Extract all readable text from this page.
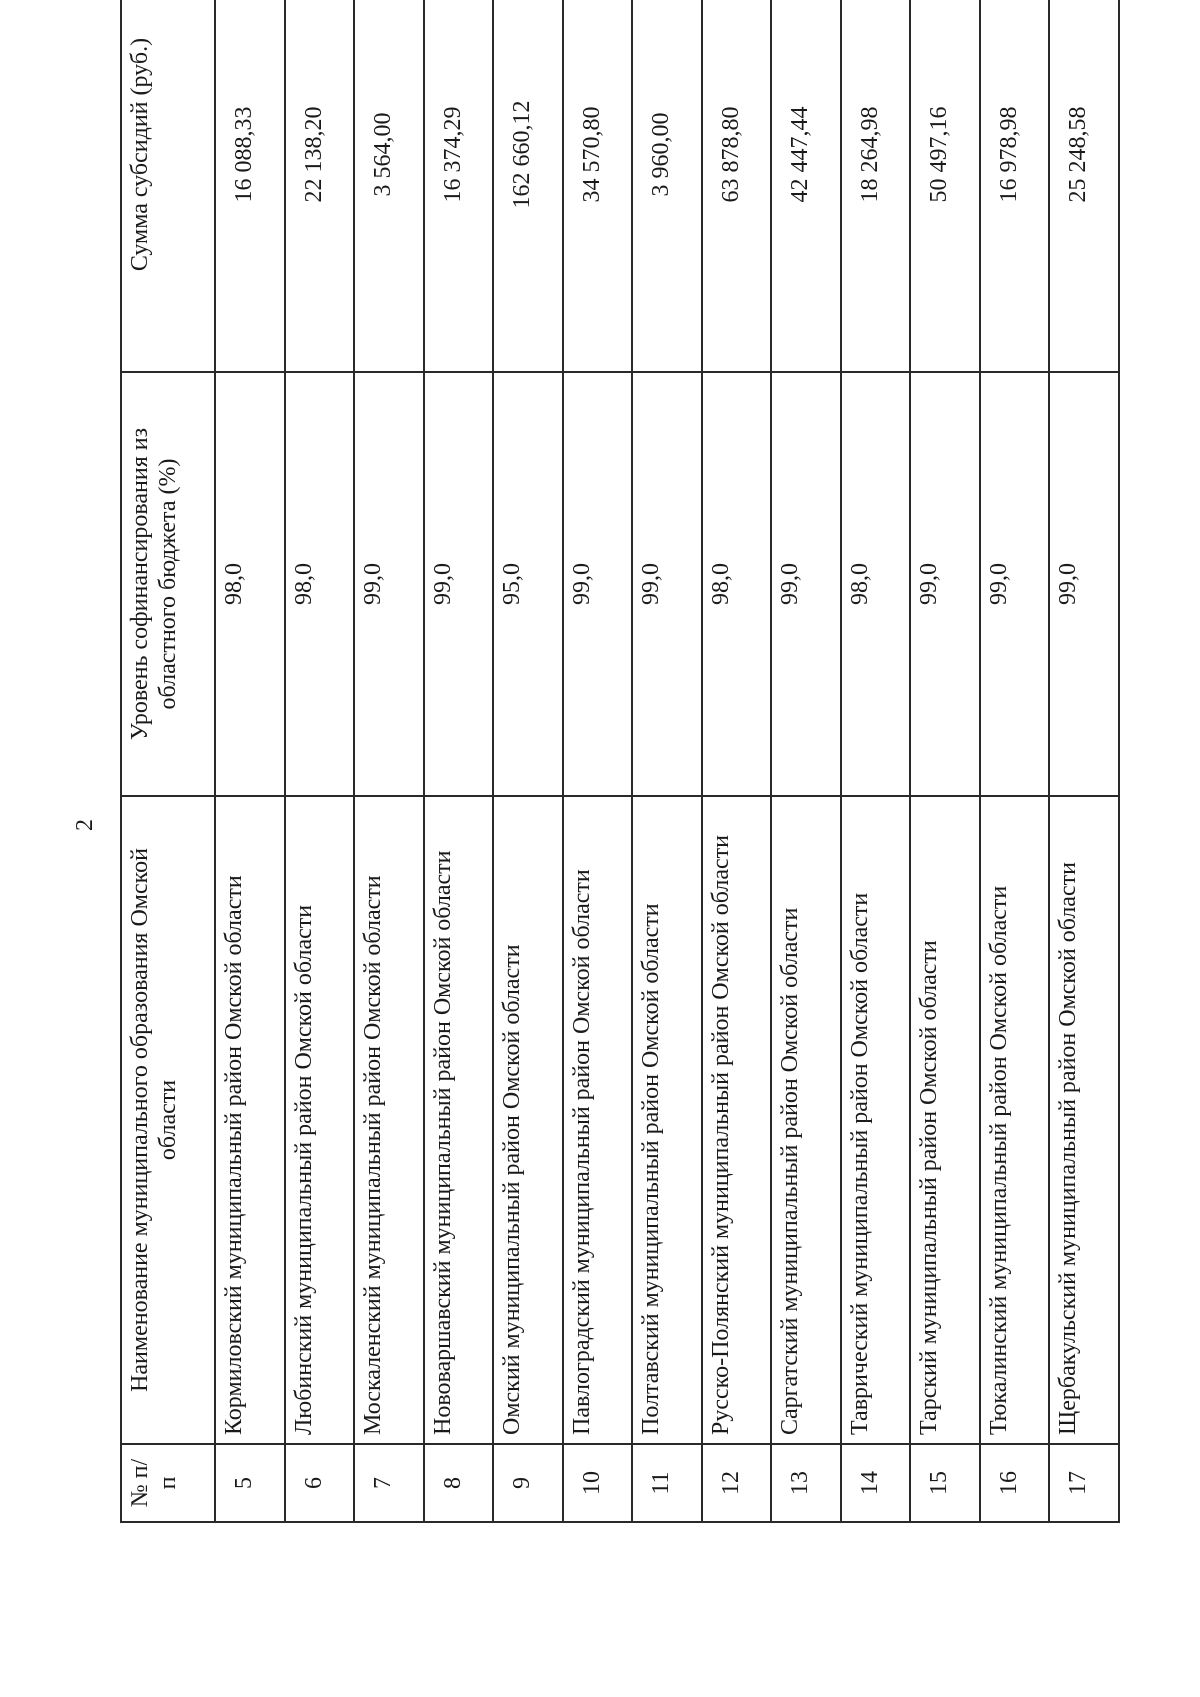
2
№ п/п	Наименование муниципального образования Омской области	Уровень софинансирования из областного бюджета (%)	Сумма субсидий (руб.)
5	Кормиловский муниципальный район Омской области	98,0	16 088,33
6	Любинский муниципальный район Омской области	98,0	22 138,20
7	Москаленский муниципальный район Омской области	99,0	3 564,00
8	Нововаршавский муниципальный район Омской области	99,0	16 374,29
9	Омский муниципальный район Омской области	95,0	162 660,12
10	Павлоградский муниципальный район Омской области	99,0	34 570,80
11	Полтавский муниципальный район Омской области	99,0	3 960,00
12	Русско-Полянский муниципальный район Омской области	98,0	63 878,80
13	Саргатский муниципальный район Омской области	99,0	42 447,44
14	Таврический муниципальный район Омской области	98,0	18 264,98
15	Тарский муниципальный район Омской области	99,0	50 497,16
16	Тюкалинский муниципальный район Омской области	99,0	16 978,98
17	Щербакульский муниципальный район Омской области	99,0	25 248,58
